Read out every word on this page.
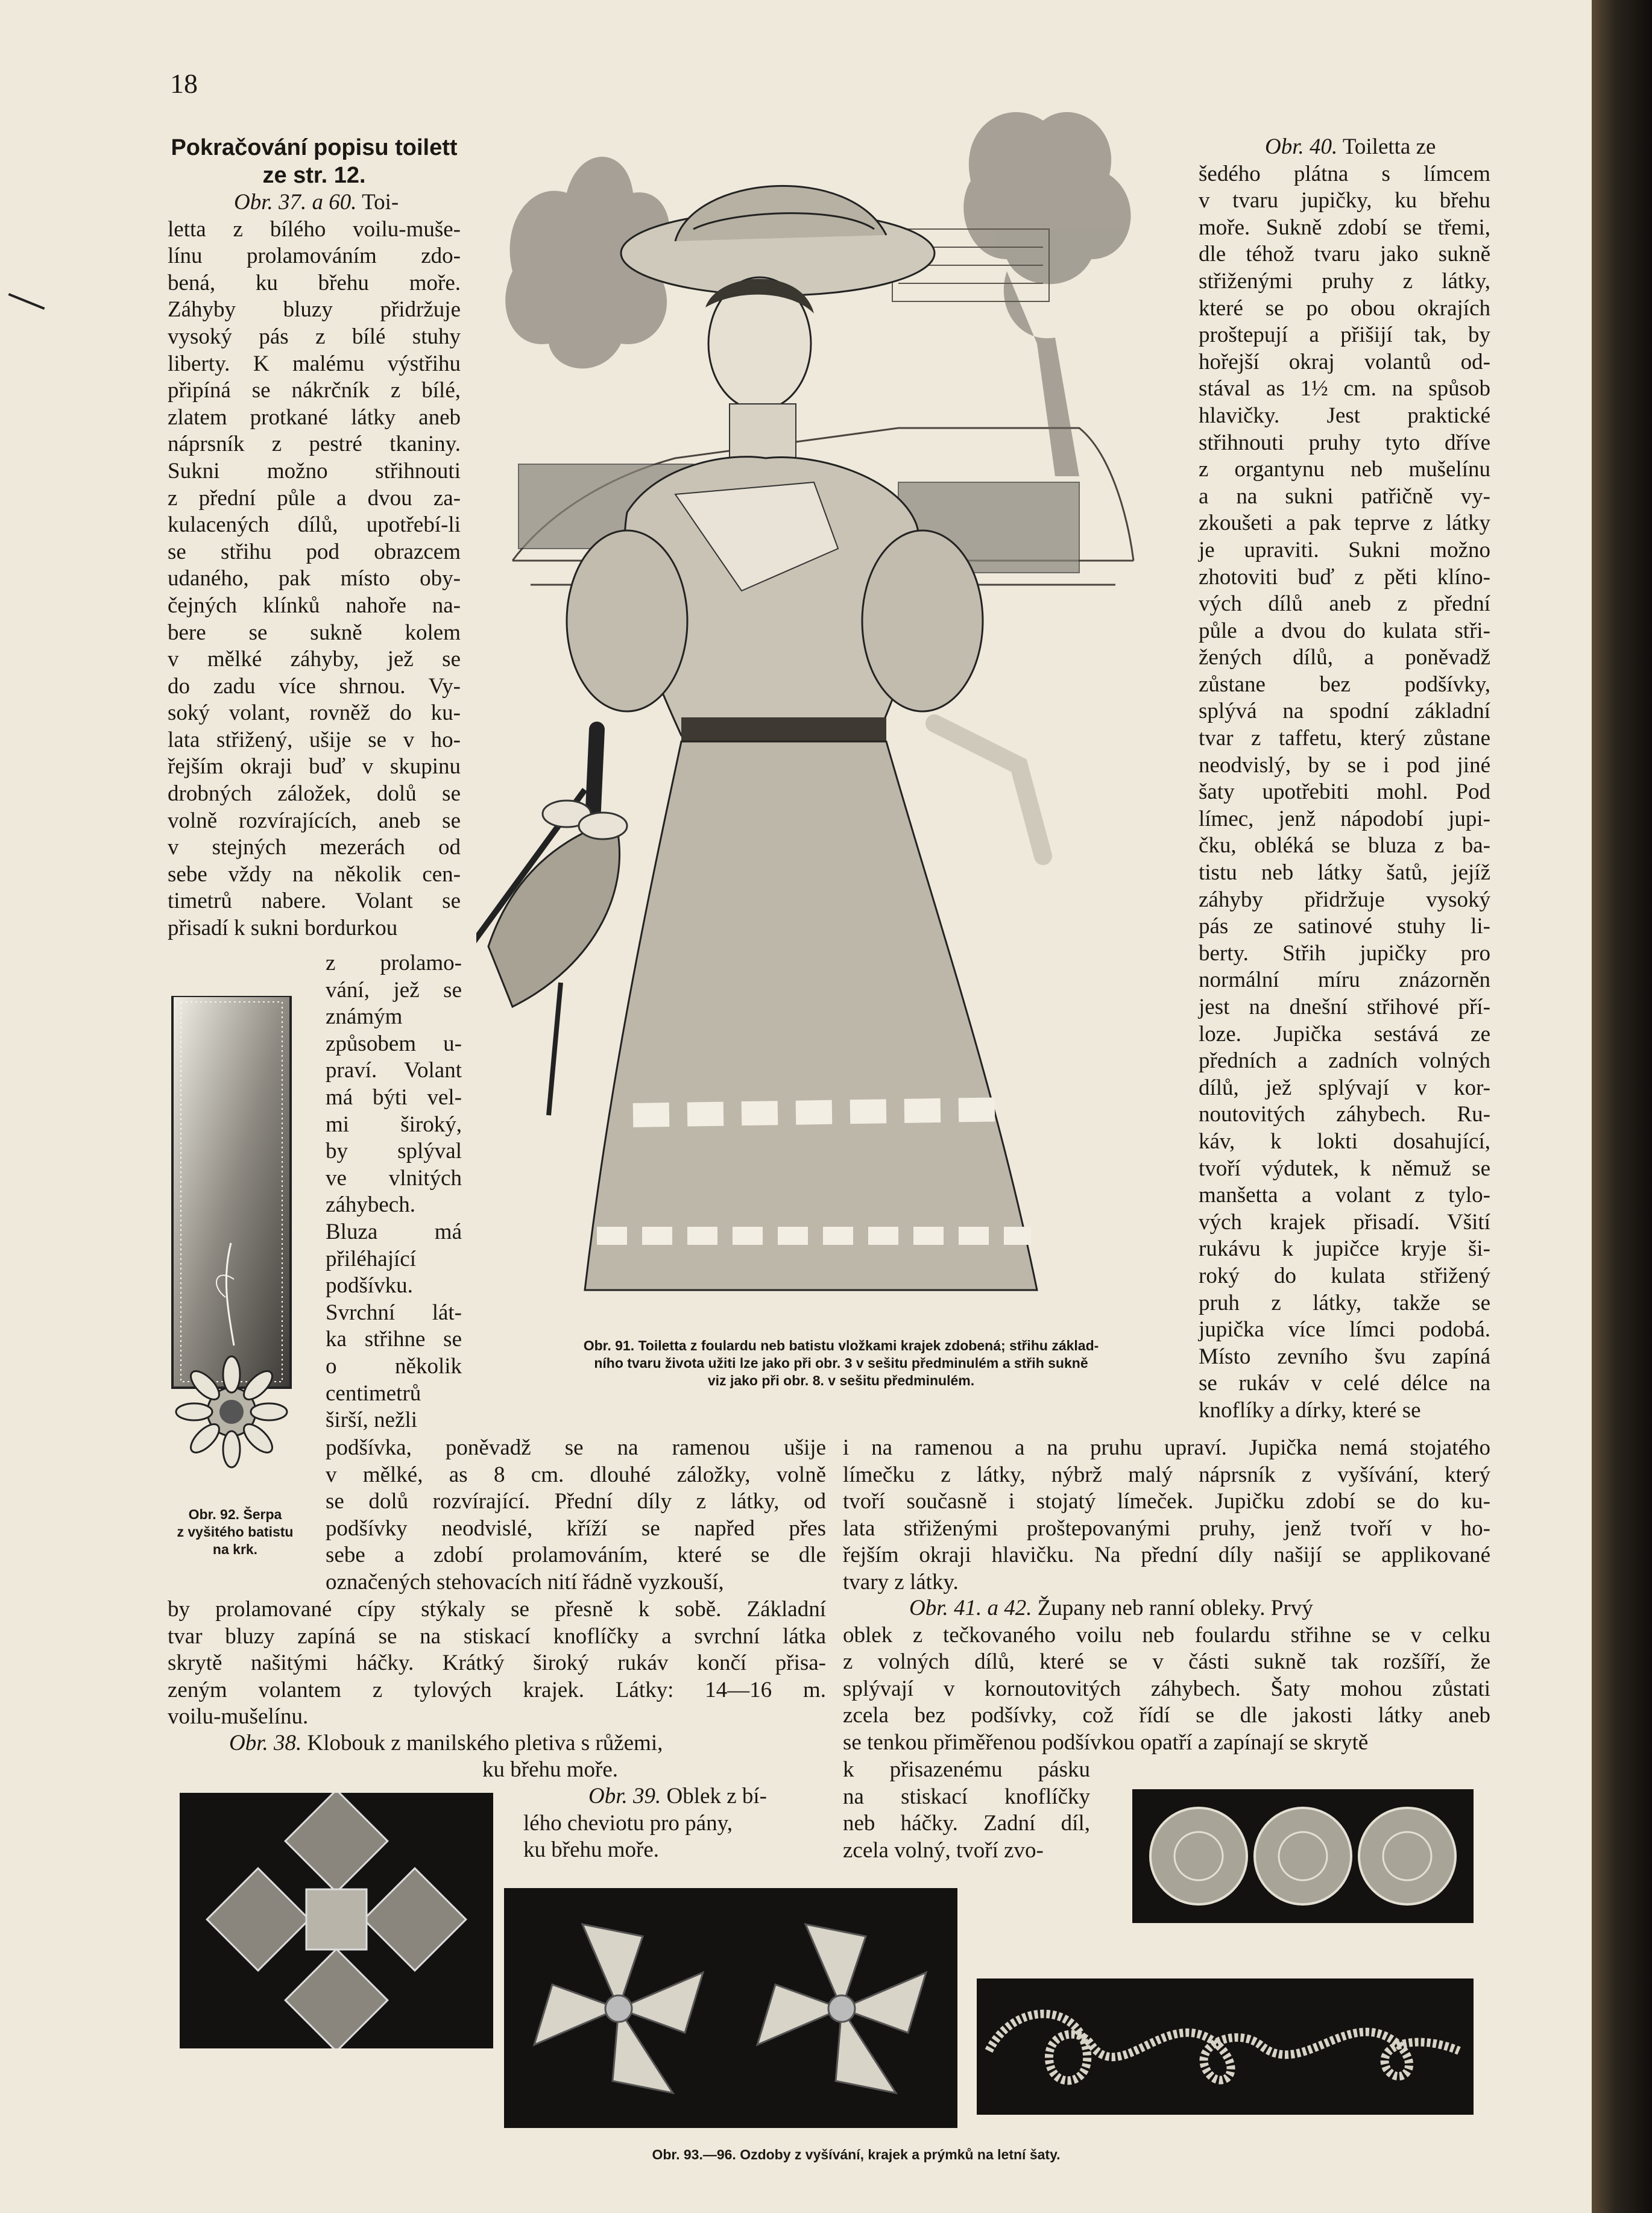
18
Pokračování popisu toilett
ze str. 12.
Obr. 37. a 60. Toi-
letta z bílého voilu-muše-
línu prolamováním zdo-
bená, ku břehu moře.
Záhyby bluzy přidržuje
vysoký pás z bílé stuhy
liberty. K malému výstřihu
připíná se nákrčník z bílé,
zlatem protkané látky aneb
náprsník z pestré tkaniny.
Sukni možno střihnouti
z přední půle a dvou za-
kulacených dílů, upotřebí-li
se střihu pod obrazcem
udaného, pak místo oby-
čejných klínků nahoře na-
bere se sukně kolem
v mělké záhyby, jež se
do zadu více shrnou. Vy-
soký volant, rovněž do ku-
lata střižený, ušije se v ho-
řejším okraji buď v skupinu
drobných záložek, dolů se
volně rozvírajících, aneb se
v stejných mezerách od
sebe vždy na několik cen-
timetrů nabere. Volant se
přisadí k sukni bordurkou
z prolamo-
vání, jež se
známým
způsobem u-
praví. Volant
má býti vel-
mi široký,
by splýval
ve vlnitých
záhybech.
Bluza má
přiléhající
podšívku.
Svrchní lát-
ka střihne se
o několik
centimetrů
širší, nežli
Obr. 92. Šerpa
z vyšitého batistu
na krk.
Obr. 91. Toiletta z foulardu neb batistu vložkami krajek zdobená; střihu základ-
ního tvaru života užiti lze jako při obr. 3 v sešitu předminulém a střih sukně
viz jako při obr. 8. v sešitu předminulém.
Obr. 40. Toiletta ze
šedého plátna s límcem
v tvaru jupičky, ku břehu
moře. Sukně zdobí se třemi,
dle téhož tvaru jako sukně
střiženými pruhy z látky,
které se po obou okrajích
proštepují a přišijí tak, by
hořejší okraj volantů od-
stával as 1½ cm. na spůsob
hlavičky. Jest praktické
střihnouti pruhy tyto dříve
z organtynu neb mušelínu
a na sukni patřičně vy-
zkoušeti a pak teprve z látky
je upraviti. Sukni možno
zhotoviti buď z pěti klíno-
vých dílů aneb z přední
půle a dvou do kulata stři-
žených dílů, a poněvadž
zůstane bez podšívky,
splývá na spodní základní
tvar z taffetu, který zůstane
neodvislý, by se i pod jiné
šaty upotřebiti mohl. Pod
límec, jenž nápodobí jupi-
čku, obléká se bluza z ba-
tistu neb látky šatů, jejíž
záhyby přidržuje vysoký
pás ze satinové stuhy li-
berty. Střih jupičky pro
normální míru znázorněn
jest na dnešní střihové pří-
loze. Jupička sestává ze
předních a zadních volných
dílů, jež splývají v kor-
noutovitých záhybech. Ru-
káv, k lokti dosahující,
tvoří výdutek, k němuž se
manšetta a volant z tylo-
vých krajek přisadí. Všití
rukávu k jupičce kryje ši-
roký do kulata střižený
pruh z látky, takže se
jupička více límci podobá.
Místo zevního švu zapíná
se rukáv v celé délce na
knoflíky a dírky, které se
podšívka, poněvadž se na ramenou ušije
v mělké, as 8 cm. dlouhé záložky, volně
se dolů rozvírající. Přední díly z látky, od
podšívky neodvislé, kříží se napřed přes
sebe a zdobí prolamováním, které se dle
označených stehovacích nití řádně vyzkouší,
by prolamované cípy stýkaly se přesně k sobě. Základní
tvar bluzy zapíná se na stiskací knoflíčky a svrchní látka
skrytě našitými háčky. Krátký široký rukáv končí přisa-
zeným volantem z tylových krajek. Látky: 14—16 m.
voilu-mušelínu.
Obr. 38. Klobouk z manilského pletiva s růžemi,
ku břehu moře.
Obr. 39. Oblek z bí-
lého cheviotu pro pány,
ku břehu moře.
i na ramenou a na pruhu upraví. Jupička nemá stojatého
límečku z látky, nýbrž malý náprsník z vyšívání, který
tvoří současně i stojatý límeček. Jupičku zdobí se do ku-
lata střiženými proštepovanými pruhy, jenž tvoří v ho-
řejším okraji hlavičku. Na přední díly našijí se applikované
tvary z látky.
Obr. 41. a 42. Župany neb ranní obleky. Prvý
oblek z tečkovaného voilu neb foulardu střihne se v celku
z volných dílů, které se v části sukně tak rozšíří, že
splývají v kornoutovitých záhybech. Šaty mohou zůstati
zcela bez podšívky, což řídí se dle jakosti látky aneb
se tenkou přiměřenou podšívkou opatří a zapínají se skrytě
k přisazenému pásku
na stiskací knoflíčky
neb háčky. Zadní díl,
zcela volný, tvoří zvo-
Obr. 93.—96. Ozdoby z vyšívání, krajek a prýmků na letní šaty.
